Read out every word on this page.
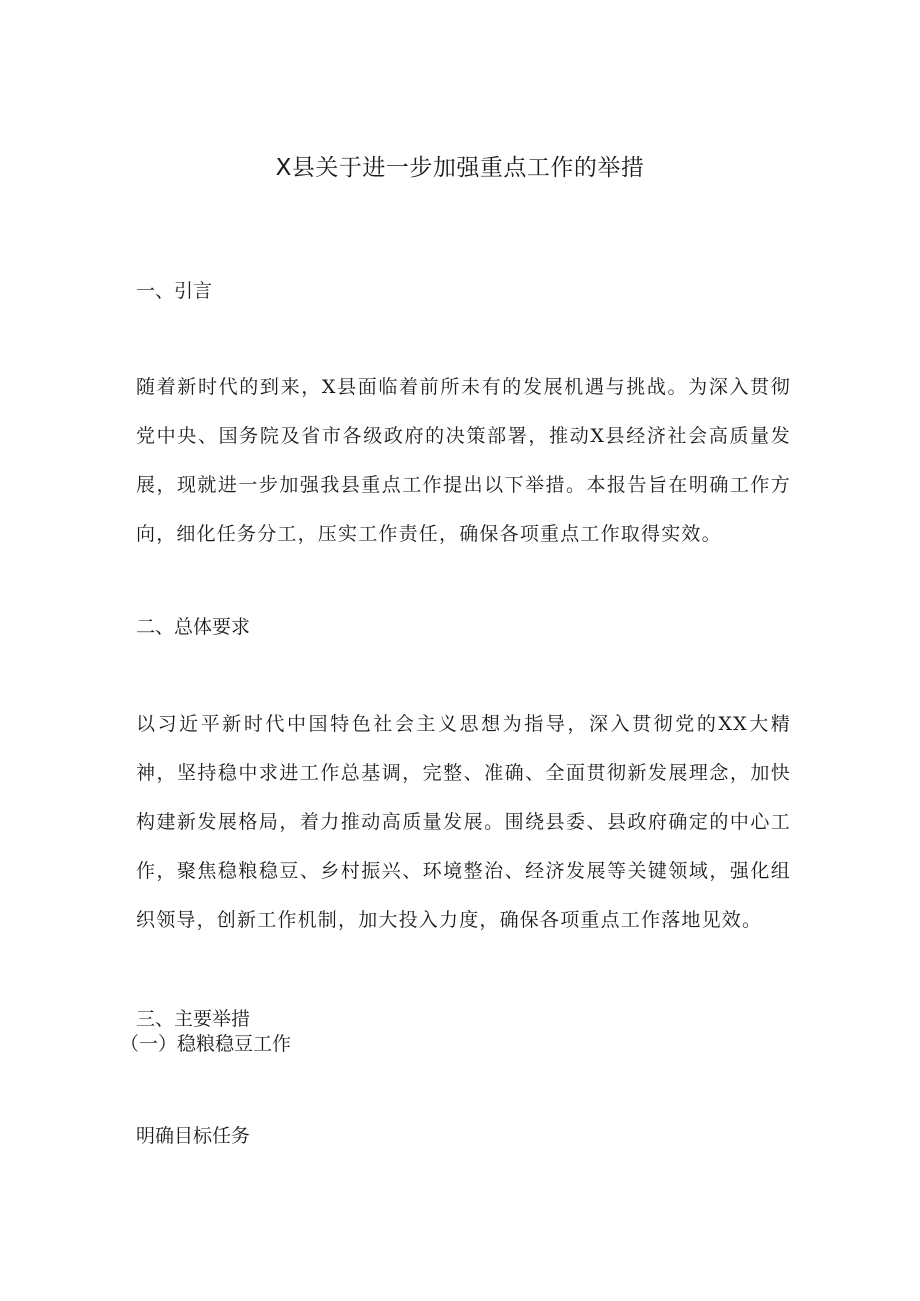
X县关于进一步加强重点工作的举措
一、引言

随着新时代的到来，X县面临着前所未有的发展机遇与挑战。为深入贯彻党中央、国务院及省市各级政府的决策部署，推动X县经济社会高质量发展，现就进一步加强我县重点工作提出以下举措。本报告旨在明确工作方向，细化任务分工，压实工作责任，确保各项重点工作取得实效。

二、总体要求

以习近平新时代中国特色社会主义思想为指导，深入贯彻党的XX大精神，坚持稳中求进工作总基调，完整、准确、全面贯彻新发展理念，加快构建新发展格局，着力推动高质量发展。围绕县委、县政府确定的中心工作，聚焦稳粮稳豆、乡村振兴、环境整治、经济发展等关键领域，强化组织领导，创新工作机制，加大投入力度，确保各项重点工作落地见效。

三、主要举措
（一）稳粮稳豆工作

明确目标任务
